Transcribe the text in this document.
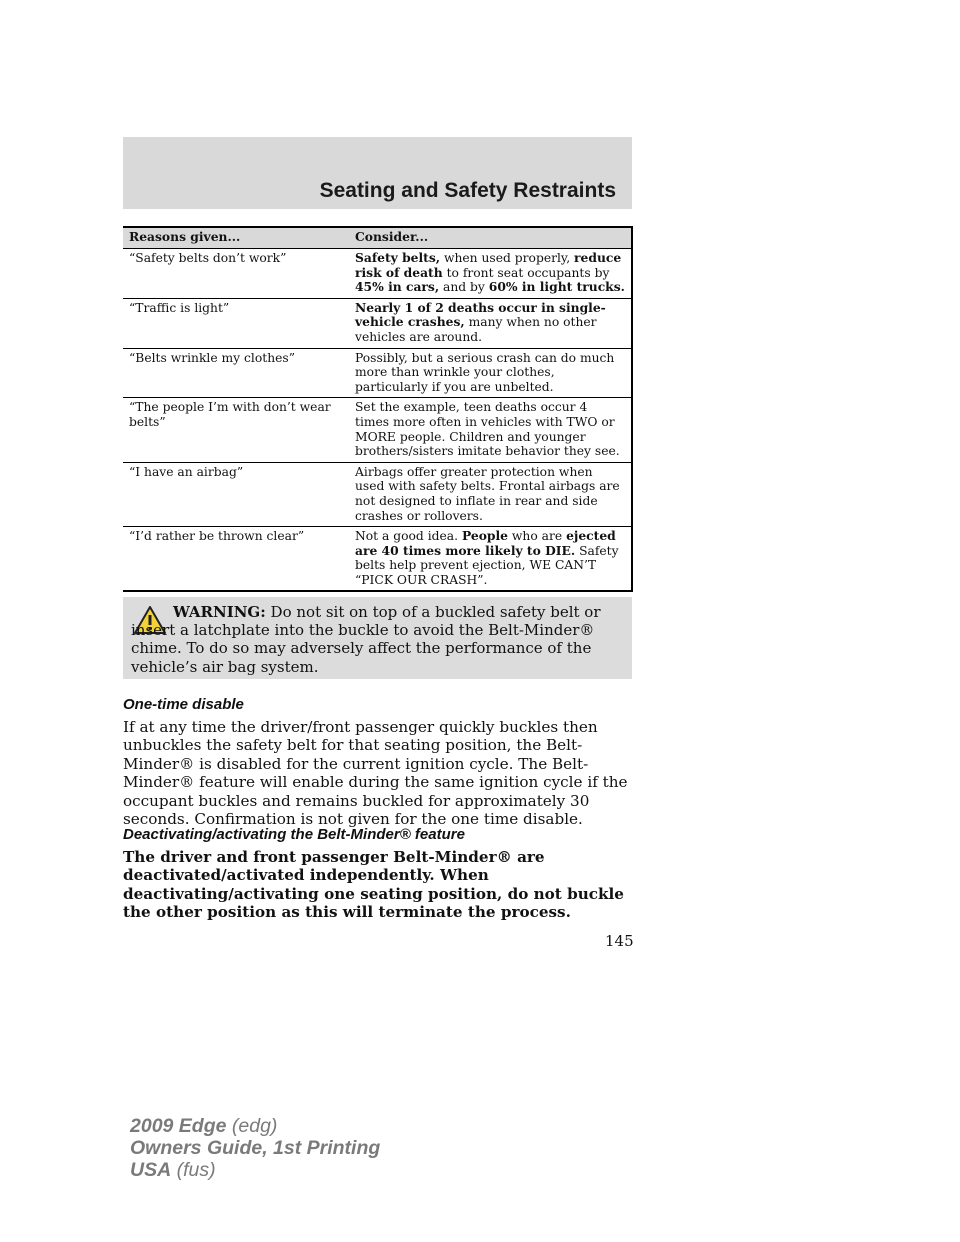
Seating and Safety Restraints
Reasons given...	Consider...
“Safety belts don’t work”	Safety belts, when used properly, reduce risk of death to front seat occupants by 45% in cars, and by 60% in light trucks.
“Traffic is light”	Nearly 1 of 2 deaths occur in single-vehicle crashes, many when no other vehicles are around.
“Belts wrinkle my clothes”	Possibly, but a serious crash can do much more than wrinkle your clothes, particularly if you are unbelted.
“The people I’m with don’t wear belts”	Set the example, teen deaths occur 4 times more often in vehicles with TWO or MORE people. Children and younger brothers/sisters imitate behavior they see.
“I have an airbag”	Airbags offer greater protection when used with safety belts. Frontal airbags are not designed to inflate in rear and side crashes or rollovers.
“I’d rather be thrown clear”	Not a good idea. People who are ejected are 40 times more likely to DIE. Safety belts help prevent ejection, WE CAN’T “PICK OUR CRASH”.
WARNING: Do not sit on top of a buckled safety belt or insert a latchplate into the buckle to avoid the Belt-Minder® chime. To do so may adversely affect the performance of the vehicle’s air bag system.
One-time disable
If at any time the driver/front passenger quickly buckles then unbuckles the safety belt for that seating position, the Belt-Minder® is disabled for the current ignition cycle. The Belt-Minder® feature will enable during the same ignition cycle if the occupant buckles and remains buckled for approximately 30 seconds. Confirmation is not given for the one time disable.
Deactivating/activating the Belt-Minder® feature
The driver and front passenger Belt-Minder® are deactivated/activated independently. When deactivating/activating one seating position, do not buckle the other position as this will terminate the process.
145
2009 Edge (edg)
Owners Guide, 1st Printing
USA (fus)
